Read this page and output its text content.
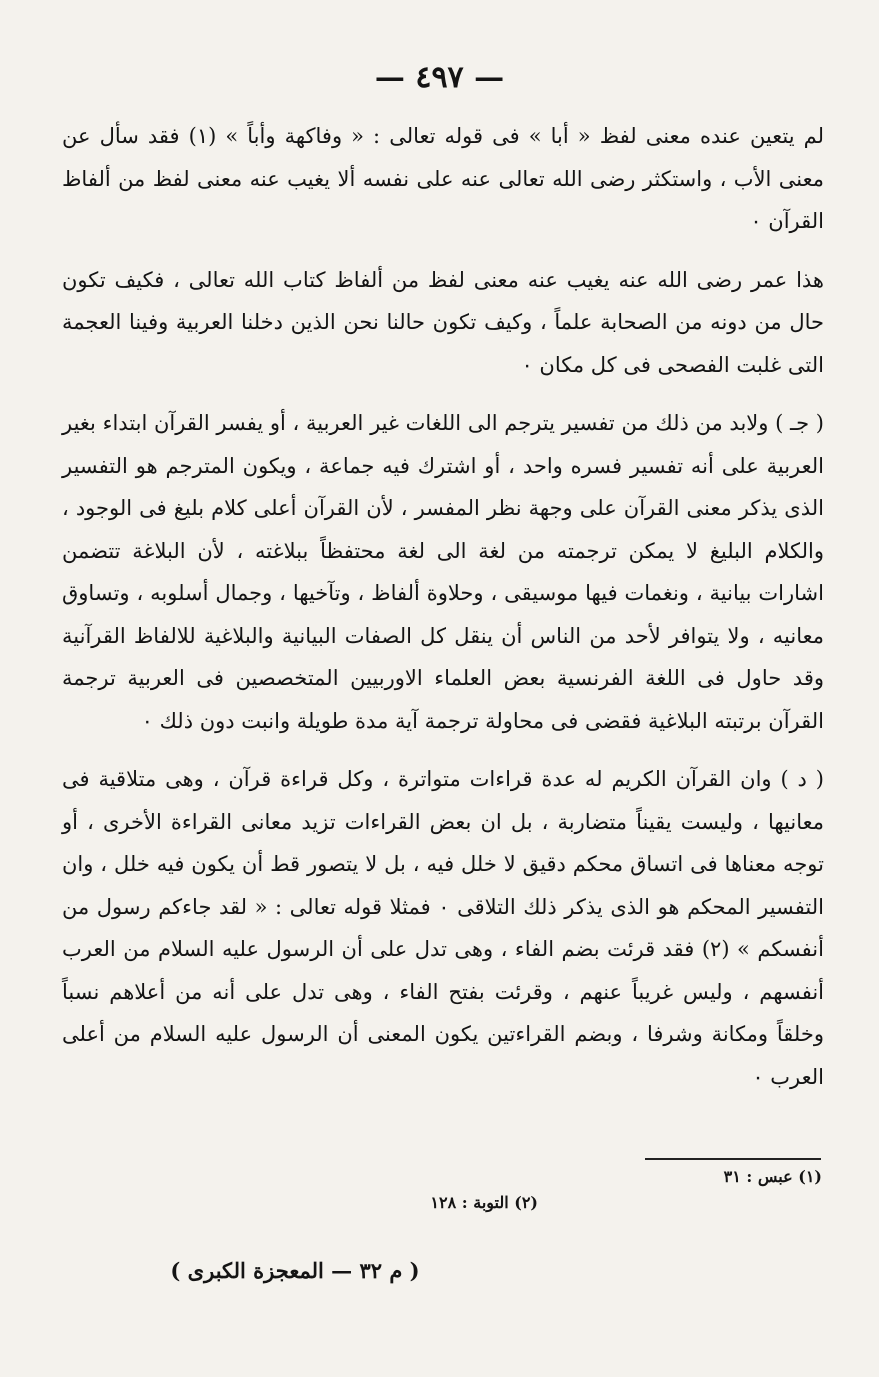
— ٤٩٧ —

لم يتعين عنده معنى لفظ « أبا » فى قوله تعالى : « وفاكهة وأباً » (١) فقد سأل عن معنى الأب ، واستكثر رضى الله تعالى عنه على نفسه ألا يغيب عنه معنى لفظ من ألفاظ القرآن ٠

هذا عمر رضى الله عنه يغيب عنه معنى لفظ من ألفاظ كتاب الله تعالى ، فكيف تكون حال من دونه من الصحابة علماً ، وكيف تكون حالنا نحن الذين دخلنا العربية وفينا العجمة التى غلبت الفصحى فى كل مكان ٠

( جـ ) ولابد من ذلك من تفسير يترجم الى اللغات غير العربية ، أو يفسر القرآن ابتداء بغير العربية على أنه تفسير فسره واحد ، أو اشترك فيه جماعة ، ويكون المترجم هو التفسير الذى يذكر معنى القرآن على وجهة نظر المفسر ، لأن القرآن أعلى كلام بليغ فى الوجود ، والكلام البليغ لا يمكن ترجمته من لغة الى لغة محتفظاً ببلاغته ، لأن البلاغة تتضمن اشارات بيانية ، ونغمات فيها موسيقى ، وحلاوة ألفاظ ، وتآخيها ، وجمال أسلوبه ، وتساوق معانيه ، ولا يتوافر لأحد من الناس أن ينقل كل الصفات البيانية والبلاغية للالفاظ القرآنية وقد حاول فى اللغة الفرنسية بعض العلماء الاوربيين المتخصصين فى العربية ترجمة القرآن برتبته البلاغية فقضى فى محاولة ترجمة آية مدة طويلة وانبت دون ذلك ٠

( د ) وان القرآن الكريم له عدة قراءات متواترة ، وكل قراءة قرآن ، وهى متلاقية فى معانيها ، وليست يقيناً متضاربة ، بل ان بعض القراءات تزيد معانى القراءة الأخرى ، أو توجه معناها فى اتساق محكم دقيق لا خلل فيه ، بل لا يتصور قط أن يكون فيه خلل ، وان التفسير المحكم هو الذى يذكر ذلك التلاقى ٠ فمثلا قوله تعالى : « لقد جاءكم رسول من أنفسكم » (٢) فقد قرئت بضم الفاء ، وهى تدل على أن الرسول عليه السلام من العرب أنفسهم ، وليس غريباً عنهم ، وقرئت بفتح الفاء ، وهى تدل على أنه من أعلاهم نسباً وخلقاً ومكانة وشرفا ، وبضم القراءتين يكون المعنى أن الرسول عليه السلام من أعلى العرب ٠

(١) عبس : ٣١
(٢) التوبة : ١٢٨
( م ٣٢ — المعجزة الكبرى )
